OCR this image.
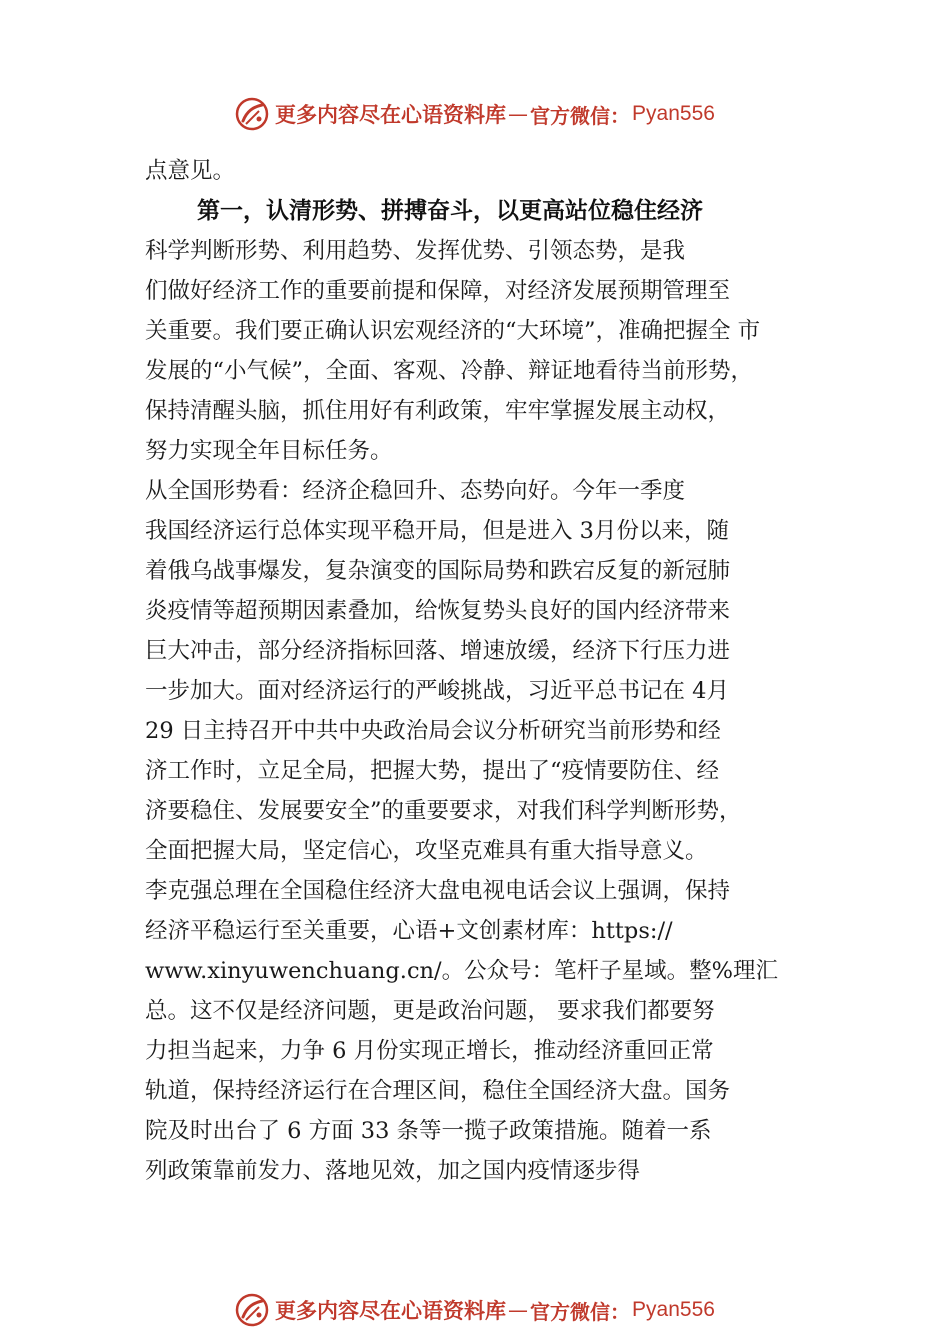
更多内容尽在心语资料库 — 官方微信： Pyan556
点意见。
第一，认清形势、拼搏奋斗，以更高站位稳住经济
科学判断形势、利用趋势、发挥优势、引领态势，是我
们做好经济工作的重要前提和保障，对经济发展预期管理至
关重要。我们要正确认识宏观经济的“大环境”，准确把握全 市
发展的“小气候”，全面、客观、冷静、辩证地看待当前形势，
保持清醒头脑，抓住用好有利政策，牢牢掌握发展主动权，
努力实现全年目标任务。
从全国形势看：经济企稳回升、态势向好。今年一季度
我国经济运行总体实现平稳开局，但是进入 3月份以来，随
着俄乌战事爆发，复杂演变的国际局势和跌宕反复的新冠肺
炎疫情等超预期因素叠加，给恢复势头良好的国内经济带来
巨大冲击，部分经济指标回落、增速放缓，经济下行压力进
一步加大。面对经济运行的严峻挑战，习近平总书记在 4月
29 日主持召开中共中央政治局会议分析研究当前形势和经
济工作时，立足全局，把握大势，提出了“疫情要防住、经
济要稳住、发展要安全”的重要要求，对我们科学判断形势，
全面把握大局，坚定信心，攻坚克难具有重大指导意义。
李克强总理在全国稳住经济大盘电视电话会议上强调，保持
经济平稳运行至关重要，心语+文创素材库：https://
www.xinyuwenchuang.cn/。公众号：笔杆子星域。整%理汇
总。这不仅是经济问题，更是政治问题， 要求我们都要努
力担当起来，力争 6 月份实现正增长，推动经济重回正常
轨道，保持经济运行在合理区间，稳住全国经济大盘。国务
院及时出台了 6 方面 33 条等一揽子政策措施。随着一系
列政策靠前发力、落地见效，加之国内疫情逐步得
更多内容尽在心语资料库 — 官方微信： Pyan556
